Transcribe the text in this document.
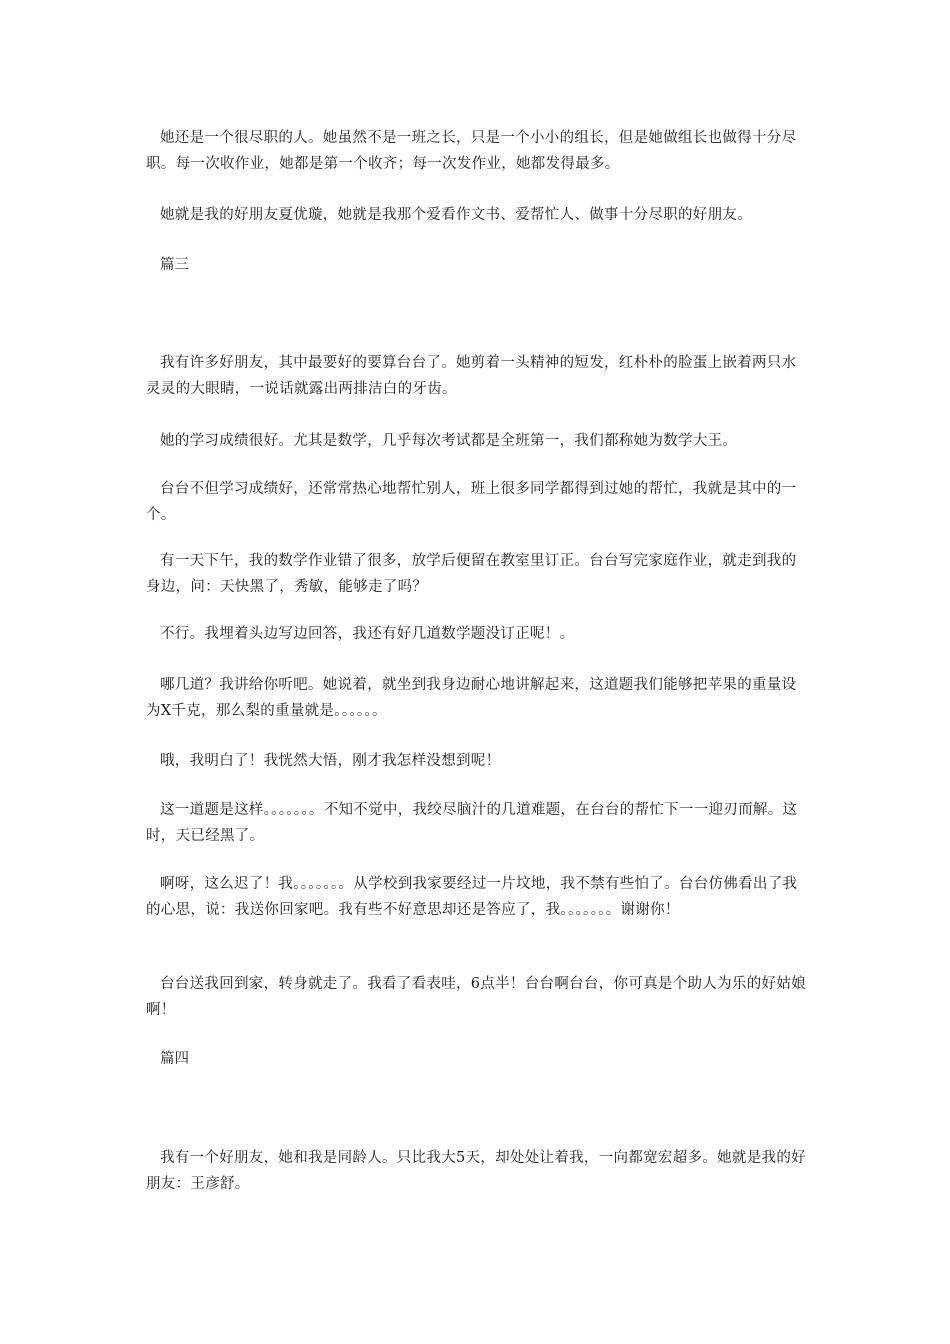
她还是一个很尽职的人。她虽然不是一班之长，只是一个小小的组长，但是她做组长也做得十分尽职。每一次收作业，她都是第一个收齐；每一次发作业，她都发得最多。

她就是我的好朋友夏优璇，她就是我那个爱看作文书、爱帮忙人、做事十分尽职的好朋友。

篇三

我有许多好朋友，其中最要好的要算台台了。她剪着一头精神的短发，红朴朴的脸蛋上嵌着两只水灵灵的大眼睛，一说话就露出两排洁白的牙齿。

她的学习成绩很好。尤其是数学，几乎每次考试都是全班第一，我们都称她为数学大王。

台台不但学习成绩好，还常常热心地帮忙别人，班上很多同学都得到过她的帮忙，我就是其中的一个。

有一天下午，我的数学作业错了很多，放学后便留在教室里订正。台台写完家庭作业，就走到我的身边，问：天快黑了，秀敏，能够走了吗？

不行。我埋着头边写边回答，我还有好几道数学题没订正呢！。

哪几道？我讲给你听吧。她说着，就坐到我身边耐心地讲解起来，这道题我们能够把苹果的重量设为X千克，那么梨的重量就是。。。。。。

哦，我明白了！我恍然大悟，刚才我怎样没想到呢！

这一道题是这样。。。。。。。不知不觉中，我绞尽脑汁的几道难题，在台台的帮忙下一一迎刃而解。这时，天已经黑了。

啊呀，这么迟了！我。。。。。。。从学校到我家要经过一片坟地，我不禁有些怕了。台台仿佛看出了我的心思，说：我送你回家吧。我有些不好意思却还是答应了，我。。。。。。。谢谢你！

台台送我回到家，转身就走了。我看了看表哇，6点半！台台啊台台，你可真是个助人为乐的好姑娘啊！

篇四

我有一个好朋友，她和我是同龄人。只比我大5天，却处处让着我，一向都宽宏超多。她就是我的好朋友：王彦舒。
